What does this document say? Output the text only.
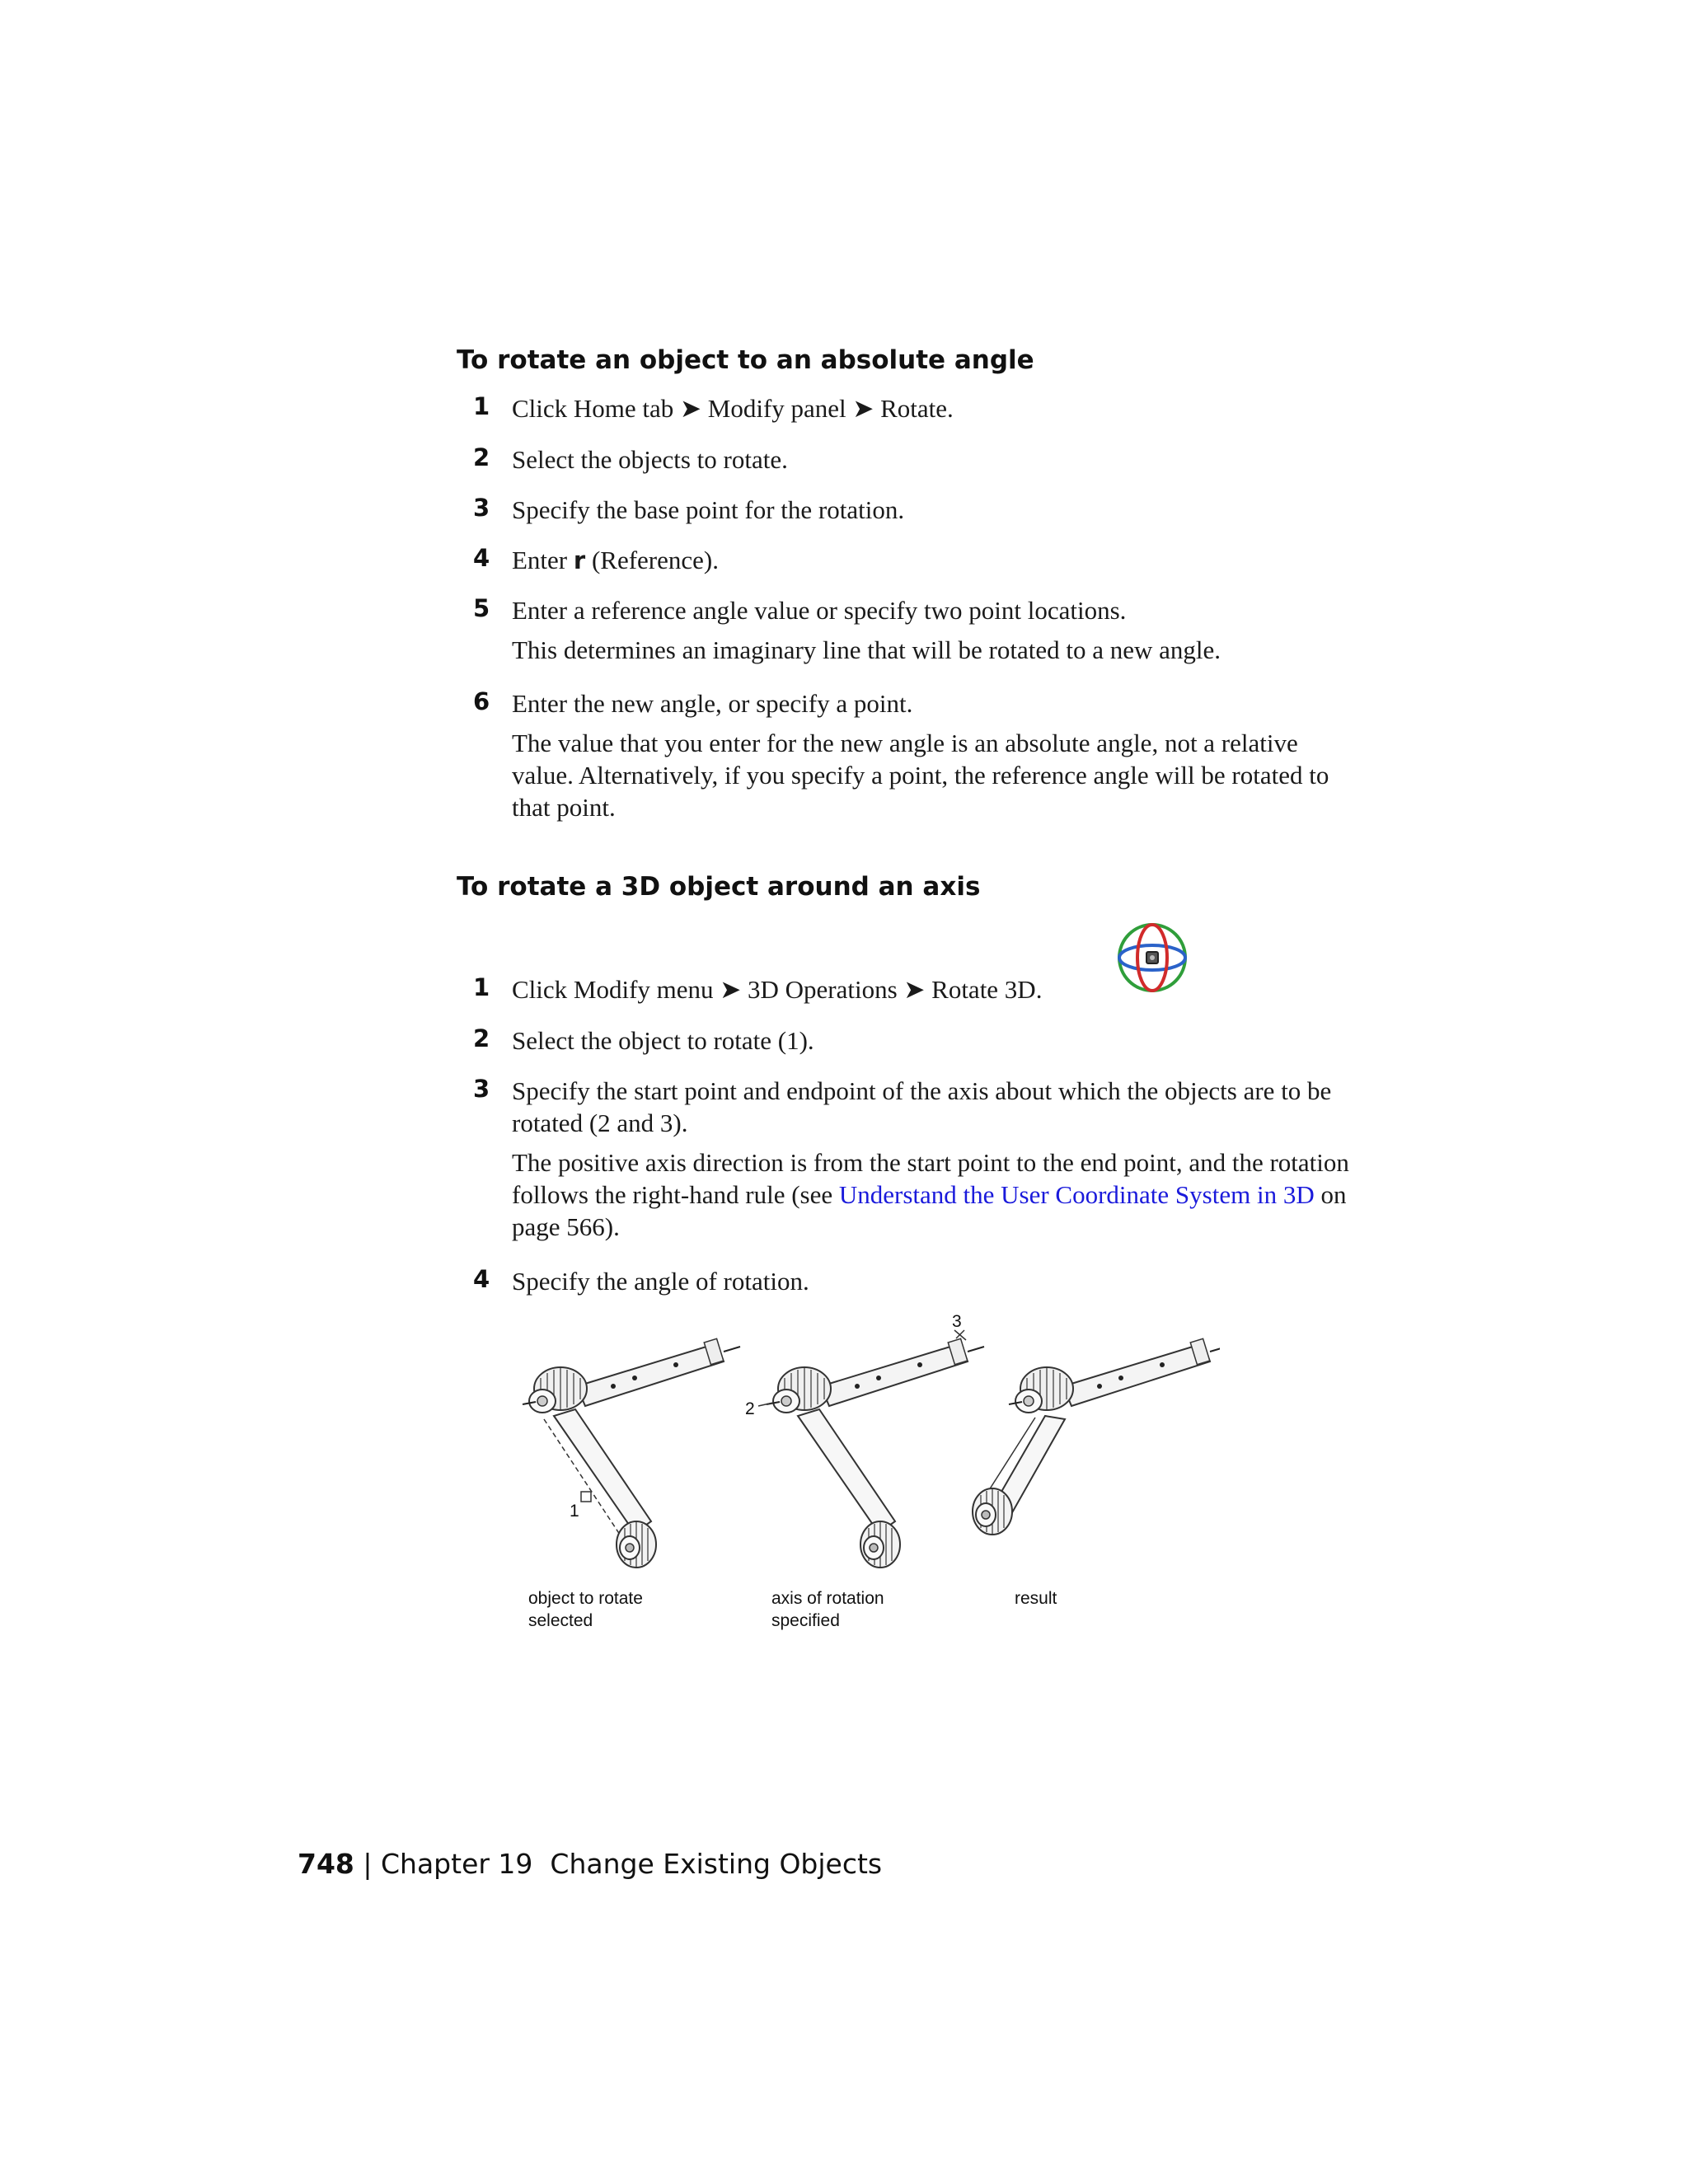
To rotate an object to an absolute angle
1 Click Home tab ➤ Modify panel ➤ Rotate.
2 Select the objects to rotate.
3 Specify the base point for the rotation.
4 Enter r (Reference).
5 Enter a reference angle value or specify two point locations.
This determines an imaginary line that will be rotated to a new angle.
6 Enter the new angle, or specify a point.
The value that you enter for the new angle is an absolute angle, not a relative value. Alternatively, if you specify a point, the reference angle will be rotated to that point.
To rotate a 3D object around an axis
1 Click Modify menu ➤ 3D Operations ➤ Rotate 3D.
2 Select the object to rotate (1).
3 Specify the start point and endpoint of the axis about which the objects are to be rotated (2 and 3).
The positive axis direction is from the start point to the end point, and the rotation follows the right-hand rule (see Understand the User Coordinate System in 3D on page 566).
4 Specify the angle of rotation.
1
2
3
object to rotate
selected
axis of rotation
specified
result
748 | Chapter 19 Change Existing Objects
